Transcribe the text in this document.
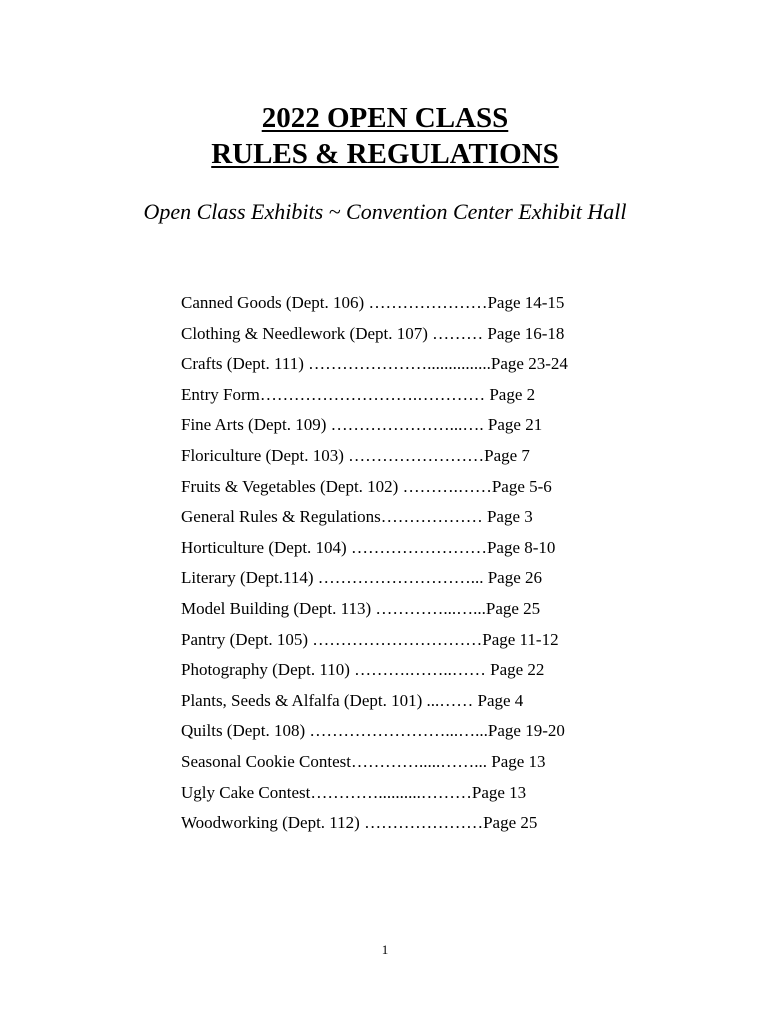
2022 OPEN CLASS
RULES & REGULATIONS
Open Class Exhibits ~ Convention Center Exhibit Hall
Canned Goods (Dept. 106) …………………Page 14-15
Clothing & Needlework (Dept. 107) ……… Page 16-18
Crafts (Dept. 111) …………………...............Page 23-24
Entry Form……………………….………… Page 2
Fine Arts (Dept. 109) …………………...…. Page 21
Floriculture (Dept. 103) ……………………Page 7
Fruits & Vegetables (Dept. 102) ……….……Page 5-6
General Rules & Regulations……………… Page 3
Horticulture (Dept. 104) ……………………Page 8-10
Literary (Dept.114) ………………………... Page 26
Model Building (Dept. 113) …………...…...Page 25
Pantry (Dept. 105) …………………………Page 11-12
Photography (Dept. 110) ……….……..…… Page 22
Plants, Seeds & Alfalfa (Dept. 101) ...…… Page 4
Quilts (Dept. 108) ……………………...…...Page 19-20
Seasonal Cookie Contest………….....……... Page 13
Ugly Cake Contest…………..........………Page 13
Woodworking (Dept. 112) …………………Page 25
1
